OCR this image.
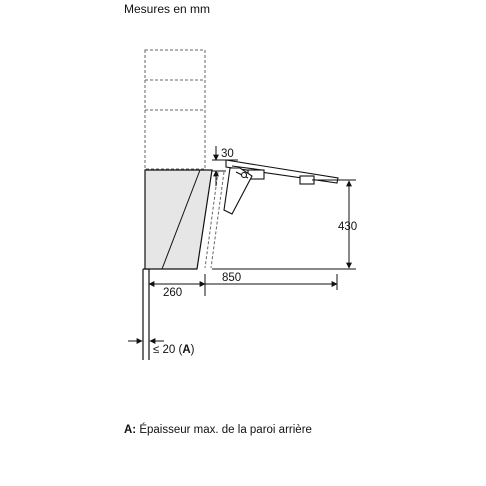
Mesures en mm
30
430
850
260
≤ 20 (A)
A: Épaisseur max. de la paroi arrière
